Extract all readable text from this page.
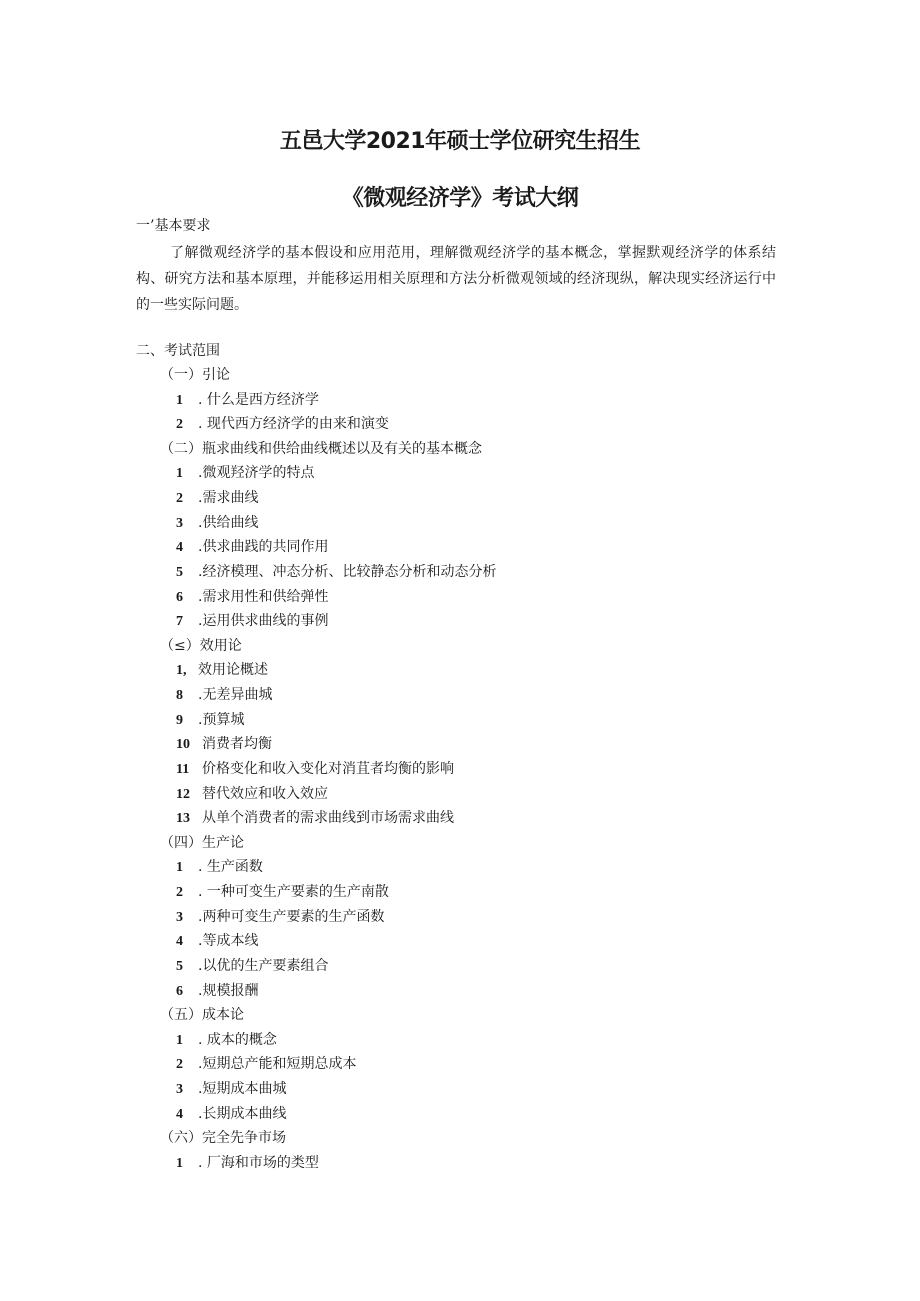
五邑大学2021年硕士学位研究生招生
《微观经济学》考试大纲
一’基本要求
了解微观经济学的基本假设和应用范用，理解微观经济学的基本概念，掌握默观经济学的体系结构、研究方法和基本原理，并能移运用相关原理和方法分析微观领域的经济现纵，解决现实经济运行中的一些实际问题。
二、考试范围
（一）引论
1 . 什么是西方经济学
2 . 现代西方经济学的由来和演变
（二）瓶求曲线和供给曲线概述以及有关的基本概念
1 .微观羟济学的特点
2 .需求曲线
3 .供给曲线
4 .供求曲践的共同作用
5 .经济模理、冲态分析、比较静态分析和动态分析
6 .需求用性和供给弹性
7 .运用供求曲线的事例
（≤）效用论
1, 效用论概述
8 .无差异曲城
9 .预算城
10 消费者均衡
11 价格变化和收入变化对消苴者均衡的影响
12 替代效应和收入效应
13 从单个消费者的需求曲线到市场需求曲线
（四）生产论
1 . 生产函数
2 . 一种可变生产要素的生产南散
3 .两种可变生产要素的生产函数
4 .等成本线
5 .以优的生产要素组合
6 .规模报酬
（五）成本论
1 . 成本的概念
2 .短期总产能和短期总成本
3 .短期成本曲城
4 .长期成本曲线
（六）完全先争市场
1 . 厂海和市场的类型
